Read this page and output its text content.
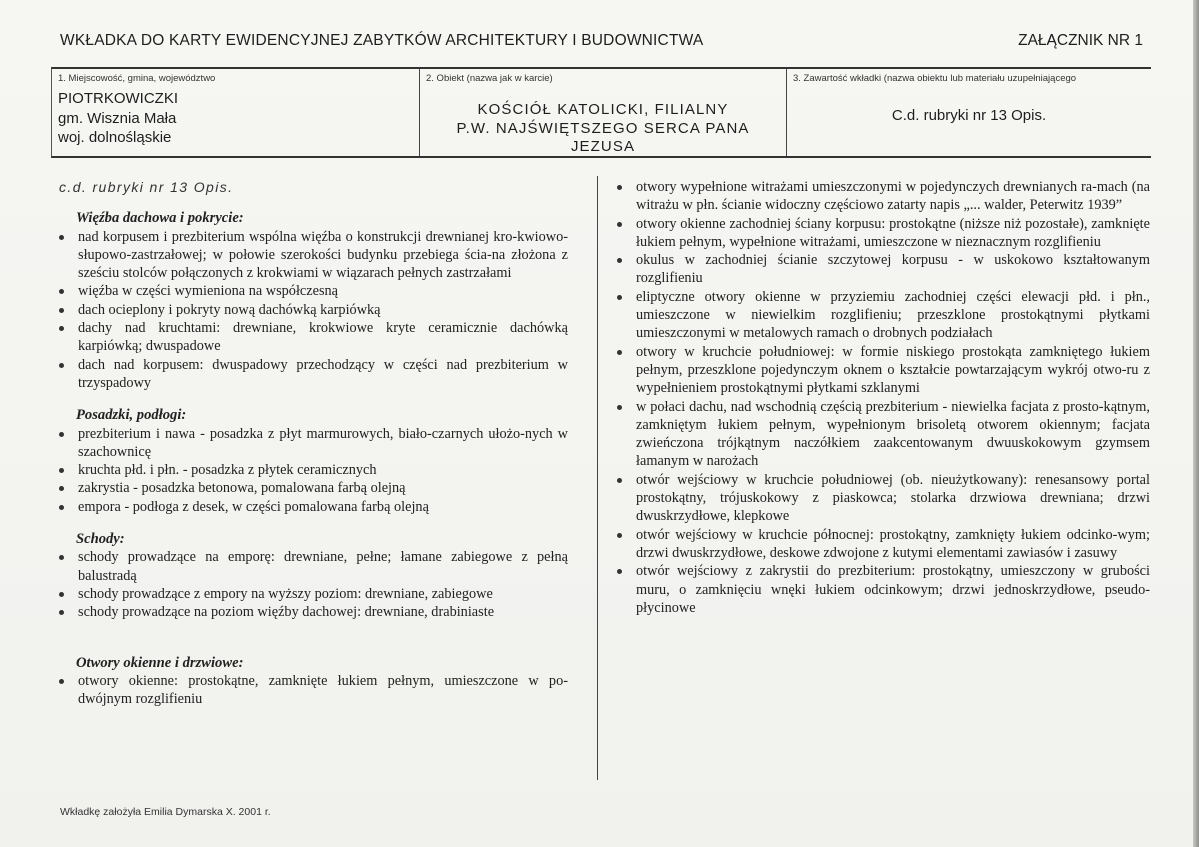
WKŁADKA DO KARTY EWIDENCYJNEJ ZABYTKÓW ARCHITEKTURY I BUDOWNICTWA	ZAŁĄCZNIK NR 1
1. Miejscowość, gmina, województwo
PIOTRKOWICZKI
gm. Wisznia Mała
woj. dolnośląskie
2. Obiekt (nazwa jak w karcie)
KOŚCIÓŁ KATOLICKI, FILIALNY
P.W. NAJŚWIĘTSZEGO SERCA PANA
JEZUSA
3. Zawartość wkładki (nazwa obiektu lub materiału uzupełniającego
C.d. rubryki nr 13 Opis.
c.d. rubryki nr 13 Opis.
Więźba dachowa i pokrycie:
nad korpusem i prezbiterium wspólna więźba o konstrukcji drewnianej kro-kwiowo-słupowo-zastrzałowej; w połowie szerokości budynku przebiega ścia-na złożona z sześciu stolców połączonych z krokwiami w wiązarach pełnych zastrzałami
więźba w części wymieniona na współczesną
dach ocieplony i pokryty nową dachówką karpiówką
dachy nad kruchtami: drewniane, krokwiowe kryte ceramicznie dachówką karpiówką; dwuspadowe
dach nad korpusem: dwuspadowy przechodzący w części nad prezbiterium w trzyspadowy
Posadzki, podłogi:
prezbiterium i nawa - posadzka z płyt marmurowych, biało-czarnych ułożo-nych w szachownicę
kruchta płd. i płn. - posadzka z płytek ceramicznych
zakrystia - posadzka betonowa, pomalowana farbą olejną
empora - podłoga z desek, w części pomalowana farbą olejną
Schody:
schody prowadzące na emporę: drewniane, pełne; łamane zabiegowe z pełną balustradą
schody prowadzące z empory na wyższy poziom: drewniane, zabiegowe
schody prowadzące na poziom więźby dachowej: drewniane, drabiniaste
Otwory okienne i drzwiowe:
otwory okienne: prostokątne, zamknięte łukiem pełnym, umieszczone w po-dwójnym rozglifieniu
otwory wypełnione witrażami umieszczonymi w pojedynczych drewnianych ra-mach (na witrażu w płn. ścianie widoczny częściowo zatarty napis „... walder, Peterwitz 1939”
otwory okienne zachodniej ściany korpusu: prostokątne (niższe niż pozostałe), zamknięte łukiem pełnym, wypełnione witrażami, umieszczone w nieznacznym rozglifieniu
okulus w zachodniej ścianie szczytowej korpusu - w uskokowo kształtowanym rozglifieniu
eliptyczne otwory okienne w przyziemiu zachodniej części elewacji płd. i płn., umieszczone w niewielkim rozglifieniu; przeszklone prostokątnymi płytkami umieszczonymi w metalowych ramach o drobnych podziałach
otwory w kruchcie południowej: w formie niskiego prostokąta zamkniętego łukiem pełnym, przeszklone pojedynczym oknem o kształcie powtarzającym wykrój otwo-ru z wypełnieniem prostokątnymi płytkami szklanymi
w połaci dachu, nad wschodnią częścią prezbiterium - niewielka facjata z prosto-kątnym, zamkniętym łukiem pełnym, wypełnionym brisoletą otworem okiennym; facjata zwieńczona trójkątnym naczółkiem zaakcentowanym dwuuskokowym gzymsem łamanym w narożach
otwór wejściowy w kruchcie południowej (ob. nieużytkowany): renesansowy portal prostokątny, trójuskokowy z piaskowca; stolarka drzwiowa drewniana; drzwi dwuskrzydłowe, klepkowe
otwór wejściowy w kruchcie północnej: prostokątny, zamknięty łukiem odcinko-wym; drzwi dwuskrzydłowe, deskowe zdwojone z kutymi elementami zawiasów i zasuwy
otwór wejściowy z zakrystii do prezbiterium: prostokątny, umieszczony w grubości muru, o zamknięciu wnęki łukiem odcinkowym; drzwi jednoskrzydłowe, pseudo-płycinowe
Wkładkę założyła Emilia Dymarska X. 2001 r.
